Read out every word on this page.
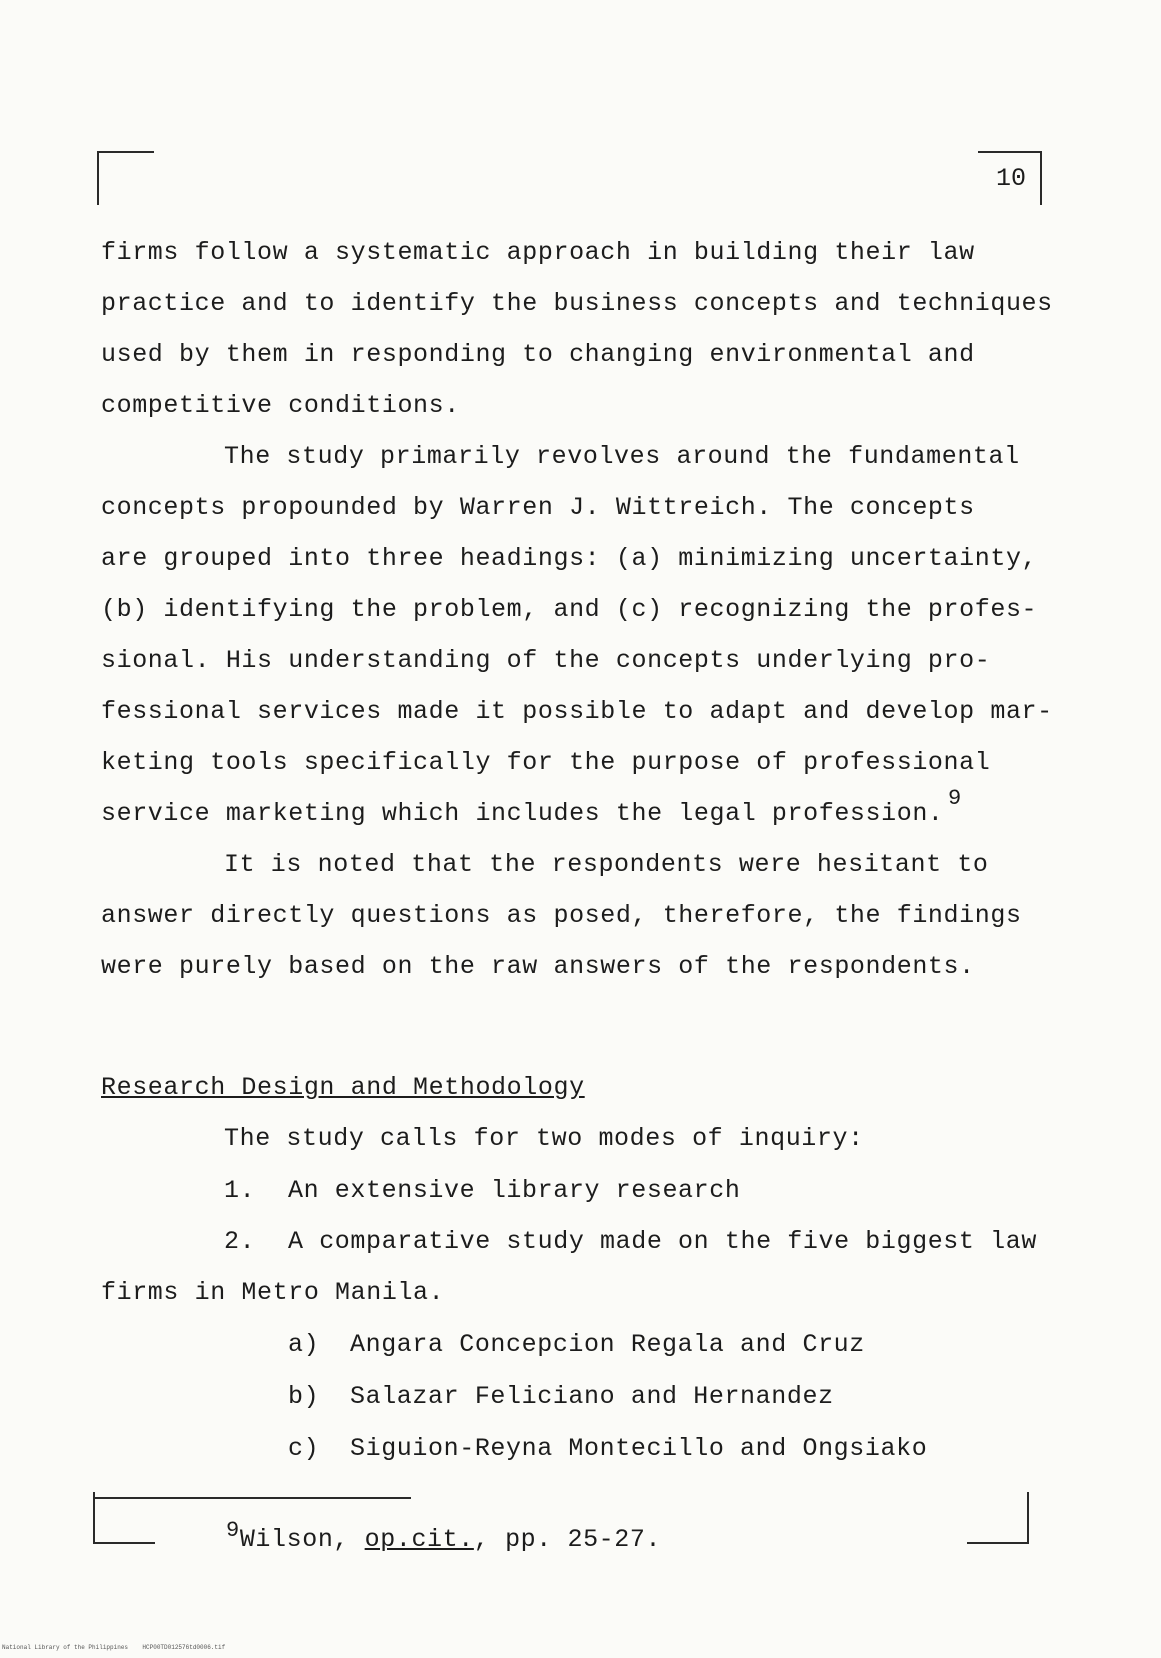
10
firms follow a systematic approach in building their law
practice and to identify the business concepts and techniques
used by them in responding to changing environmental and
competitive conditions.
The study primarily revolves around the fundamental
concepts propounded by Warren J. Wittreich. The concepts
are grouped into three headings: (a) minimizing uncertainty,
(b) identifying the problem, and (c) recognizing the profes-
sional. His understanding of the concepts underlying pro-
fessional services made it possible to adapt and develop mar-
keting tools specifically for the purpose of professional
service marketing which includes the legal profession.
9
It is noted that the respondents were hesitant to
answer directly questions as posed, therefore, the findings
were purely based on the raw answers of the respondents.
Research Design and Methodology
The study calls for two modes of inquiry:
1. An extensive library research
2. A comparative study made on the five biggest law
firms in Metro Manila.
a) Angara Concepcion Regala and Cruz
b) Salazar Feliciano and Hernandez
c) Siguion-Reyna Montecillo and Ongsiako
9Wilson, op.cit., pp. 25-27.
National Library of the Philippines    HCP00TD012576td0006.tif
